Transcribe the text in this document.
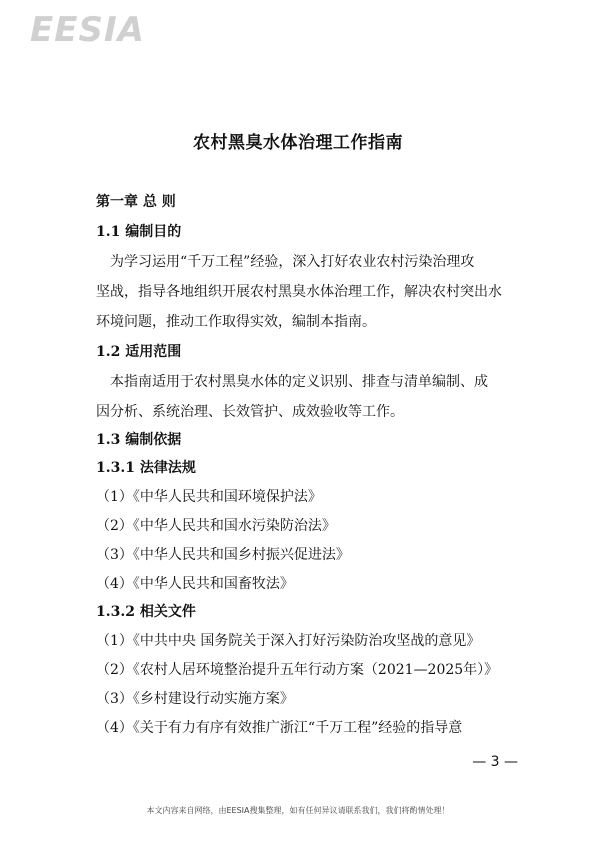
EESIA
农村黑臭水体治理工作指南
第一章 总 则
1.1 编制目的
为学习运用“千万工程”经验，深入打好农业农村污染治理攻
坚战，指导各地组织开展农村黑臭水体治理工作，解决农村突出水
环境问题，推动工作取得实效，编制本指南。
1.2 适用范围
本指南适用于农村黑臭水体的定义识别、排查与清单编制、成
因分析、系统治理、长效管护、成效验收等工作。
1.3 编制依据
1.3.1 法律法规
（1）《中华人民共和国环境保护法》
（2）《中华人民共和国水污染防治法》
（3）《中华人民共和国乡村振兴促进法》
（4）《中华人民共和国畜牧法》
1.3.2 相关文件
（1）《中共中央 国务院关于深入打好污染防治攻坚战的意见》
（2）《农村人居环境整治提升五年行动方案（2021—2025年）》
（3）《乡村建设行动实施方案》
（4）《关于有力有序有效推广浙江“千万工程”经验的指导意
— 3 —
本文内容来自网络，由EESIA搜集整理，如有任何异议请联系我们，我们将酌情处理！
